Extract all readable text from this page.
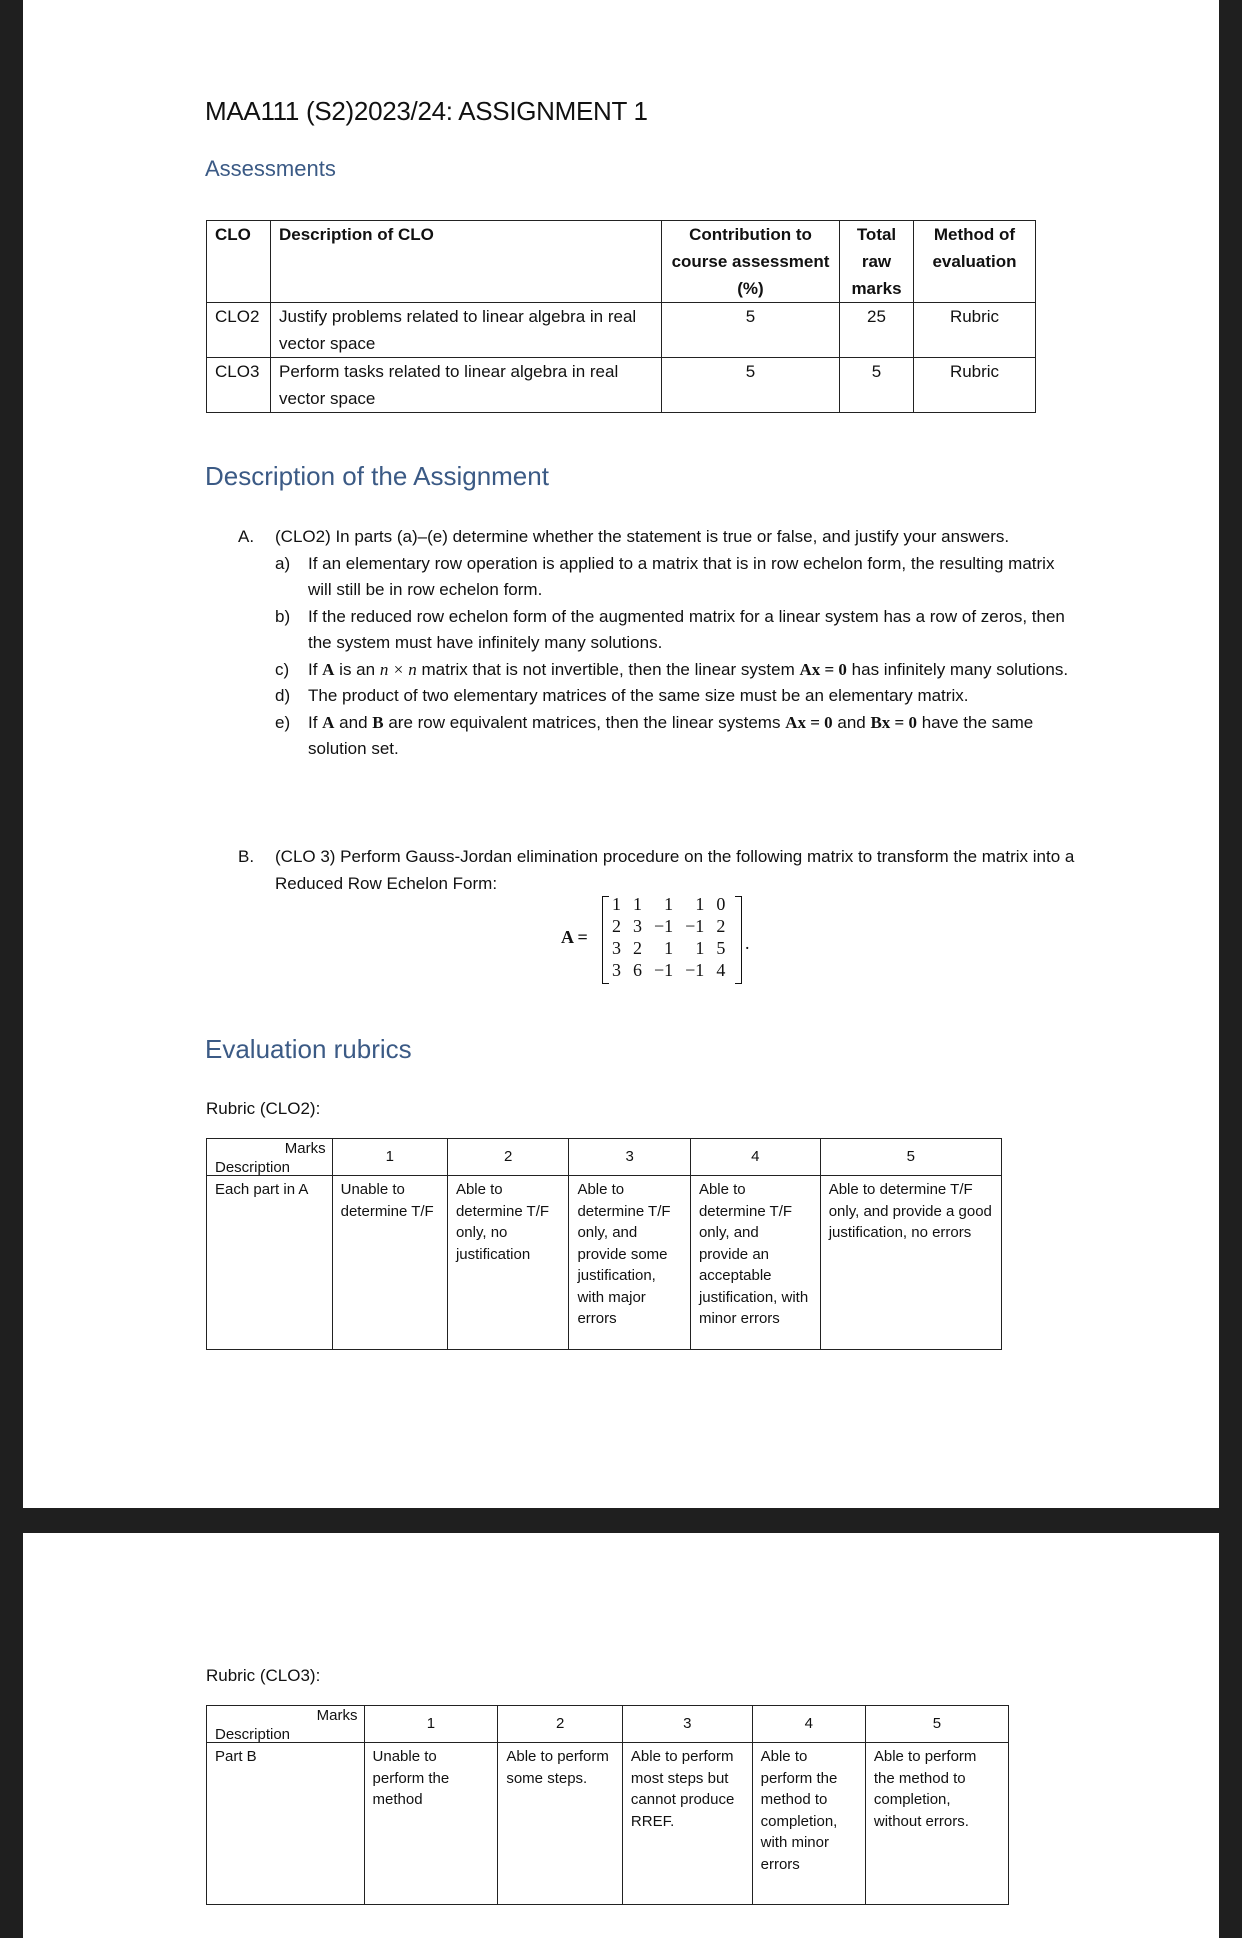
MAA111 (S2)2023/24: ASSIGNMENT 1
Assessments
CLO	Description of CLO	Contribution to course assessment (%)	Total raw marks	Method of evaluation
CLO2	Justify problems related to linear algebra in real vector space	5	25	Rubric
CLO3	Perform tasks related to linear algebra in real vector space	5	5	Rubric
Description of the Assignment
A. (CLO2) In parts (a)–(e) determine whether the statement is true or false, and justify your answers.
a) If an elementary row operation is applied to a matrix that is in row echelon form, the resulting matrix will still be in row echelon form.
b) If the reduced row echelon form of the augmented matrix for a linear system has a row of zeros, then the system must have infinitely many solutions.
c) If A is an n × n matrix that is not invertible, then the linear system Ax = 0 has infinitely many solutions.
d) The product of two elementary matrices of the same size must be an elementary matrix.
e) If A and B are row equivalent matrices, then the linear systems Ax = 0 and Bx = 0 have the same solution set.
B. (CLO 3) Perform Gauss-Jordan elimination procedure on the following matrix to transform the matrix into a Reduced Row Echelon Form:
A =
1	1	1	1	0
2	3	−1	−1	2
3	2	1	1	5
3	6	−1	−1	4
.
Evaluation rubrics
Rubric (CLO2):
Marks
Description	1	2	3	4	5
Each part in A	Unable to determine T/F	Able to determine T/F only, no justification	Able to determine T/F only, and provide some justification, with major errors	Able to determine T/F only, and provide an acceptable justification, with minor errors	Able to determine T/F only, and provide a good justification, no errors
Rubric (CLO3):
Marks
Description	1	2	3	4	5
Part B	Unable to perform the method	Able to perform some steps.	Able to perform most steps but cannot produce RREF.	Able to perform the method to completion, with minor errors	Able to perform the method to completion, without errors.
